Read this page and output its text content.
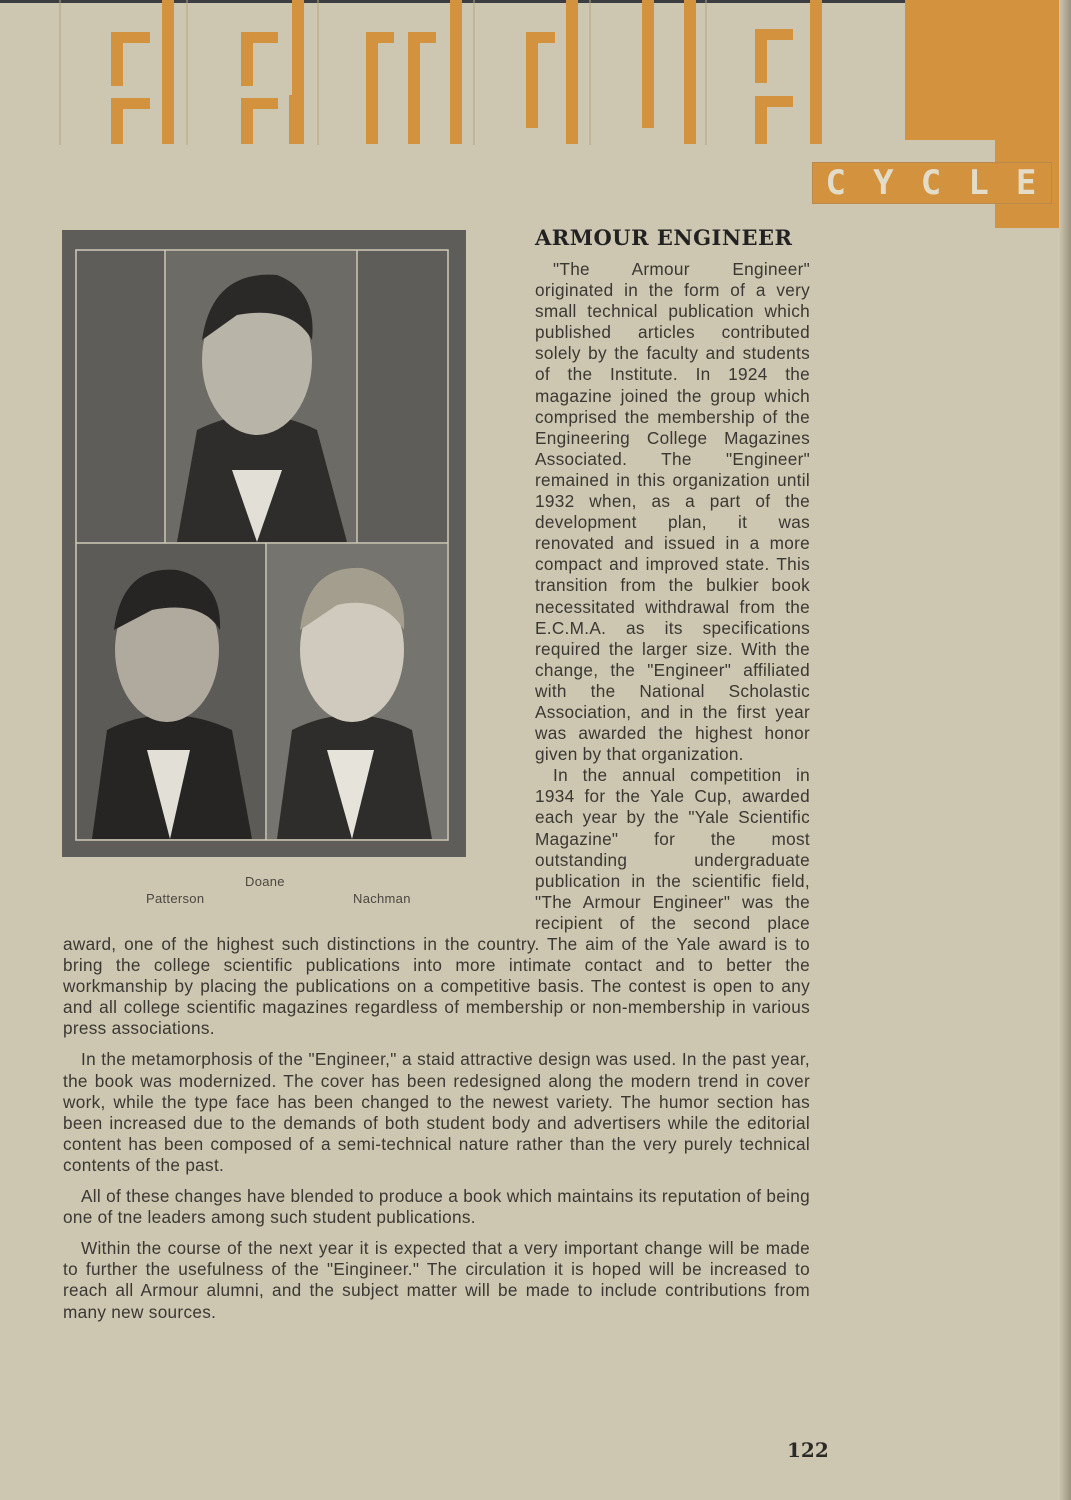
C Y C L E
Doane
Patterson	Nachman
ARMOUR ENGINEER

"The Armour Engineer" originated in the form of a very small technical publication which published articles contributed solely by the faculty and students of the Institute. In 1924 the magazine joined the group which comprised the membership of the Engineering College Magazines Associated. The "Engineer" remained in this organization until 1932 when, as a part of the development plan, it was renovated and issued in a more compact and improved state. This transition from the bulkier book necessitated withdrawal from the E.C.M.A. as its specifications required the larger size. With the change, the "Engineer" affiliated with the National Scholastic Association, and in the first year was awarded the highest honor given by that organization.

In the annual competition in 1934 for the Yale Cup, awarded each year by the "Yale Scientific Magazine" for the most outstanding undergraduate publication in the scientific field, "The Armour Engineer" was the recipient of the second place award, one of the highest such distinctions in the country. The aim of the Yale award is to bring the college scientific publications into more intimate contact and to better the workmanship by placing the publications on a competitive basis. The contest is open to any and all college scientific magazines regardless of membership or non-membership in various press associations.

In the metamorphosis of the "Engineer," a staid attractive design was used. In the past year, the book was modernized. The cover has been redesigned along the modern trend in cover work, while the type face has been changed to the newest variety. The humor section has been increased due to the demands of both student body and advertisers while the editorial content has been composed of a semi-technical nature rather than the very purely technical contents of the past.

All of these changes have blended to produce a book which maintains its reputation of being one of tne leaders among such student publications.

Within the course of the next year it is expected that a very important change will be made to further the usefulness of the "Eingineer." The circulation it is hoped will be increased to reach all Armour alumni, and the subject matter will be made to include contributions from many new sources.

122
